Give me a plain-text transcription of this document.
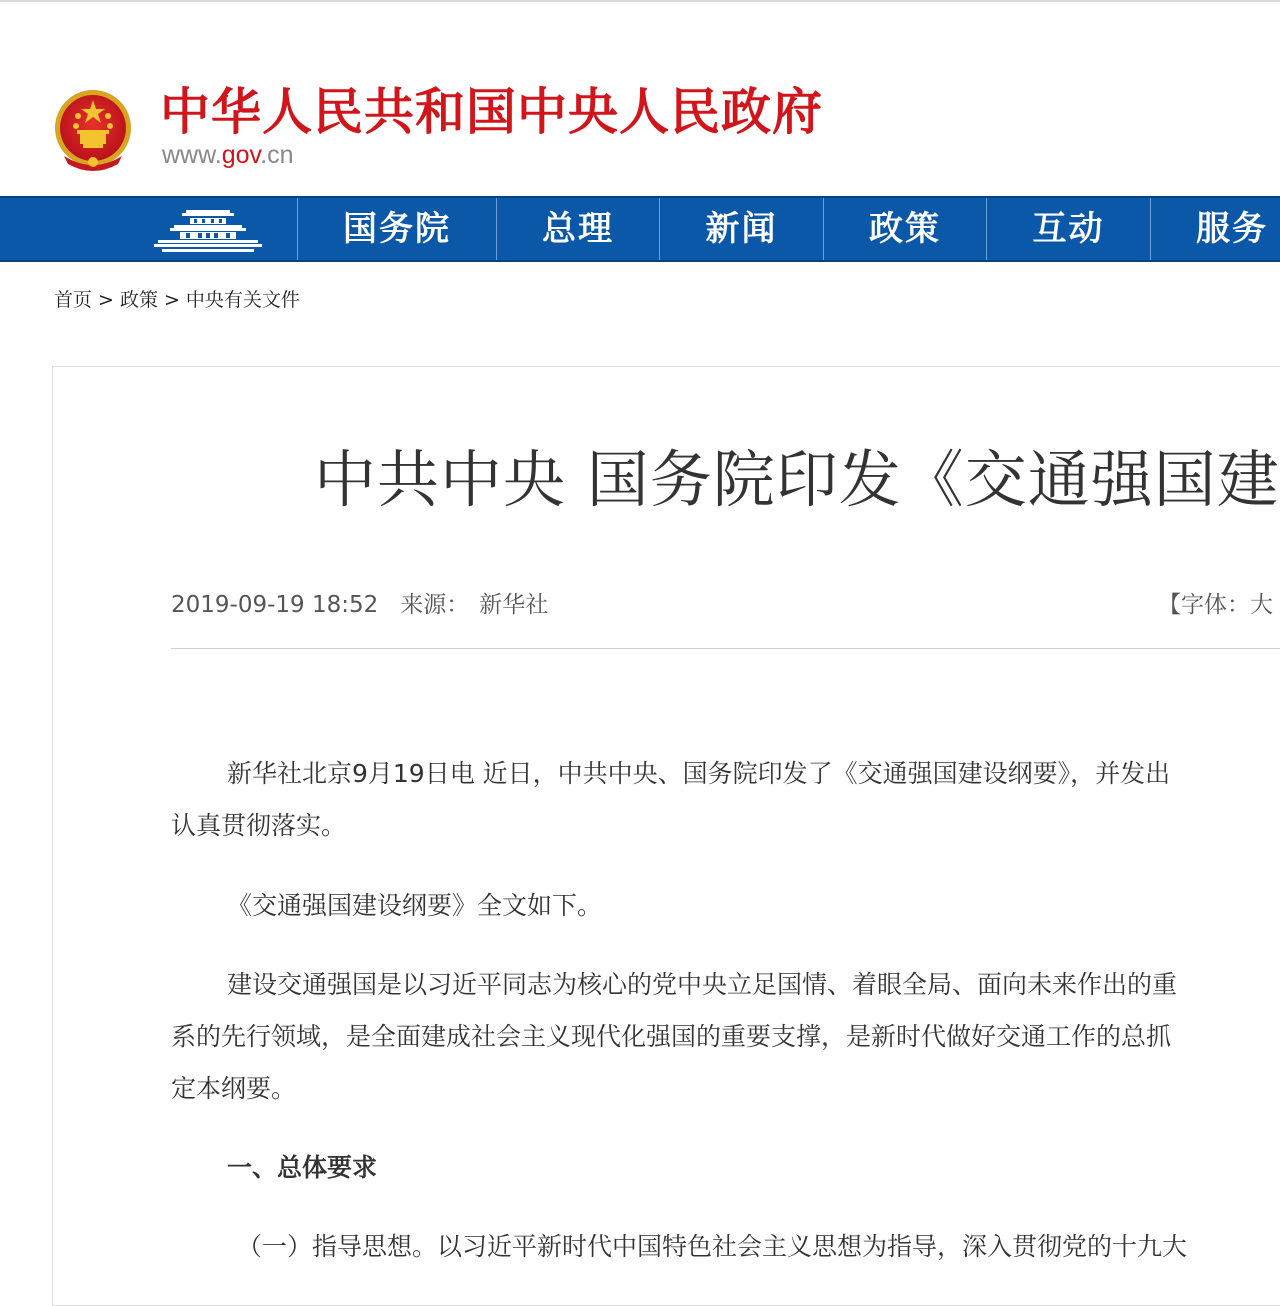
中华人民共和国中央人民政府
www.gov.cn
国务院	总理	新闻	政策	互动	服务
首页 > 政策 > 中央有关文件
中共中央 国务院印发《交通强国建
2019-09-19 18:52 来源： 新华社	【字体：大
新华社北京9月19日电 近日，中共中央、国务院印发了《交通强国建设纲要》，并发出
认真贯彻落实。
《交通强国建设纲要》全文如下。
建设交通强国是以习近平同志为核心的党中央立足国情、着眼全局、面向未来作出的重
系的先行领域，是全面建成社会主义现代化强国的重要支撑，是新时代做好交通工作的总抓
定本纲要。
一、总体要求
（一）指导思想。以习近平新时代中国特色社会主义思想为指导，深入贯彻党的十九大
